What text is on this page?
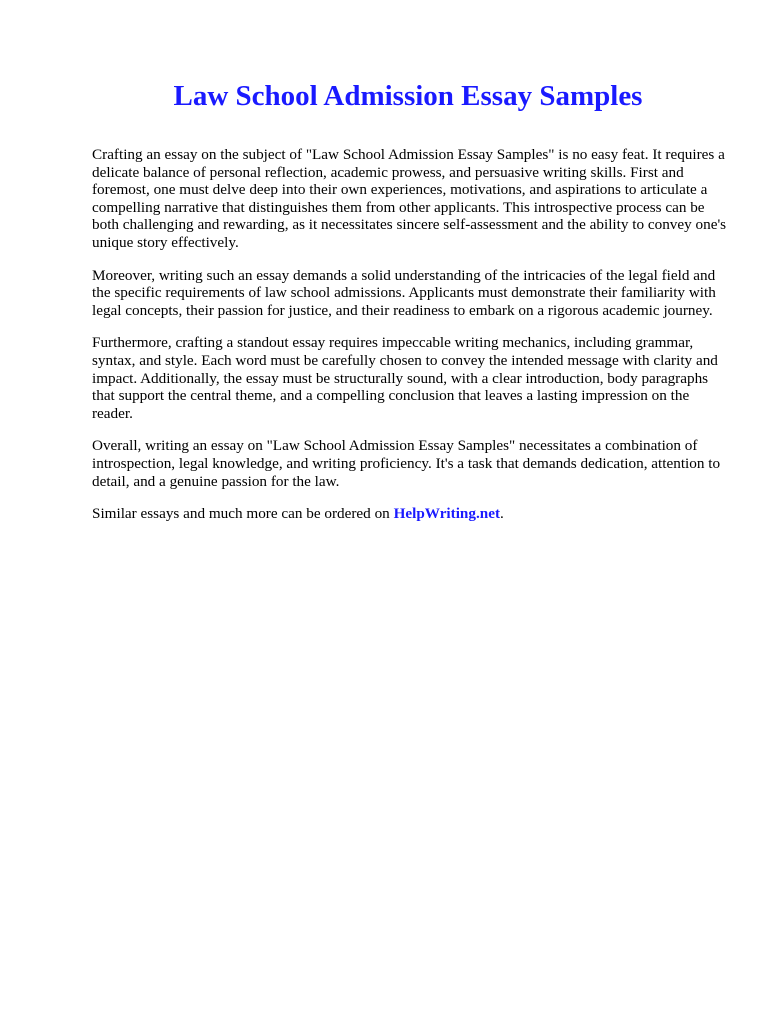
Law School Admission Essay Samples

Crafting an essay on the subject of "Law School Admission Essay Samples" is no easy feat. It requires a delicate balance of personal reflection, academic prowess, and persuasive writing skills. First and foremost, one must delve deep into their own experiences, motivations, and aspirations to articulate a compelling narrative that distinguishes them from other applicants. This introspective process can be both challenging and rewarding, as it necessitates sincere self-assessment and the ability to convey one's unique story effectively.

Moreover, writing such an essay demands a solid understanding of the intricacies of the legal field and the specific requirements of law school admissions. Applicants must demonstrate their familiarity with legal concepts, their passion for justice, and their readiness to embark on a rigorous academic journey.

Furthermore, crafting a standout essay requires impeccable writing mechanics, including grammar, syntax, and style. Each word must be carefully chosen to convey the intended message with clarity and impact. Additionally, the essay must be structurally sound, with a clear introduction, body paragraphs that support the central theme, and a compelling conclusion that leaves a lasting impression on the reader.

Overall, writing an essay on "Law School Admission Essay Samples" necessitates a combination of introspection, legal knowledge, and writing proficiency. It's a task that demands dedication, attention to detail, and a genuine passion for the law.

Similar essays and much more can be ordered on HelpWriting.net.
